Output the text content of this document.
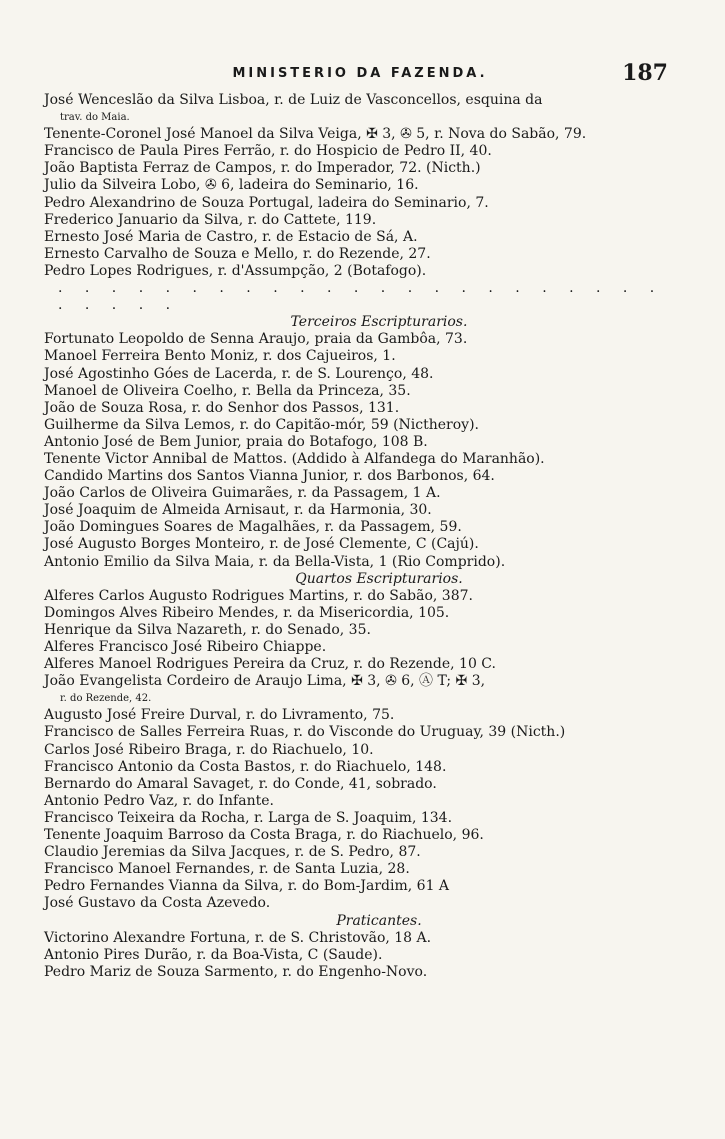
MINISTERIO DA FAZENDA.	187
José Wenceslão da Silva Lisboa, r. de Luiz de Vasconcellos, esquina da
trav. do Maia.
Tenente-Coronel José Manoel da Silva Veiga, ✠ 3, ✇ 5, r. Nova do Sabão, 79.
Francisco de Paula Pires Ferrão, r. do Hospicio de Pedro II, 40.
João Baptista Ferraz de Campos, r. do Imperador, 72. (Nicth.)
Julio da Silveira Lobo, ✇ 6, ladeira do Seminario, 16.
Pedro Alexandrino de Souza Portugal, ladeira do Seminario, 7.
Frederico Januario da Silva, r. do Cattete, 119.
Ernesto José Maria de Castro, r. de Estacio de Sá, A.
Ernesto Carvalho de Souza e Mello, r. do Rezende, 27.
Pedro Lopes Rodrigues, r. d'Assumpção, 2 (Botafogo).
. . . . . . . . . . . . . . . . . . . . . . . . . . . .
Terceiros Escripturarios.
Fortunato Leopoldo de Senna Araujo, praia da Gambôa, 73.
Manoel Ferreira Bento Moniz, r. dos Cajueiros, 1.
José Agostinho Góes de Lacerda, r. de S. Lourenço, 48.
Manoel de Oliveira Coelho, r. Bella da Princeza, 35.
João de Souza Rosa, r. do Senhor dos Passos, 131.
Guilherme da Silva Lemos, r. do Capitão-mór, 59 (Nictheroy).
Antonio José de Bem Junior, praia do Botafogo, 108 B.
Tenente Victor Annibal de Mattos. (Addido à Alfandega do Maranhão).
Candido Martins dos Santos Vianna Junior, r. dos Barbonos, 64.
João Carlos de Oliveira Guimarães, r. da Passagem, 1 A.
José Joaquim de Almeida Arnisaut, r. da Harmonia, 30.
João Domingues Soares de Magalhães, r. da Passagem, 59.
José Augusto Borges Monteiro, r. de José Clemente, C (Cajú).
Antonio Emilio da Silva Maia, r. da Bella-Vista, 1 (Rio Comprido).
Quartos Escripturarios.
Alferes Carlos Augusto Rodrigues Martins, r. do Sabão, 387.
Domingos Alves Ribeiro Mendes, r. da Misericordia, 105.
Henrique da Silva Nazareth, r. do Senado, 35.
Alferes Francisco José Ribeiro Chiappe.
Alferes Manoel Rodrigues Pereira da Cruz, r. do Rezende, 10 C.
João Evangelista Cordeiro de Araujo Lima, ✠ 3, ✇ 6, Ⓐ T; ✠ 3,
r. do Rezende, 42.
Augusto José Freire Durval, r. do Livramento, 75.
Francisco de Salles Ferreira Ruas, r. do Visconde do Uruguay, 39 (Nicth.)
Carlos José Ribeiro Braga, r. do Riachuelo, 10.
Francisco Antonio da Costa Bastos, r. do Riachuelo, 148.
Bernardo do Amaral Savaget, r. do Conde, 41, sobrado.
Antonio Pedro Vaz, r. do Infante.
Francisco Teixeira da Rocha, r. Larga de S. Joaquim, 134.
Tenente Joaquim Barroso da Costa Braga, r. do Riachuelo, 96.
Claudio Jeremias da Silva Jacques, r. de S. Pedro, 87.
Francisco Manoel Fernandes, r. de Santa Luzia, 28.
Pedro Fernandes Vianna da Silva, r. do Bom-Jardim, 61 A
José Gustavo da Costa Azevedo.
Praticantes.
Victorino Alexandre Fortuna, r. de S. Christovão, 18 A.
Antonio Pires Durão, r. da Boa-Vista, C (Saude).
Pedro Mariz de Souza Sarmento, r. do Engenho-Novo.
